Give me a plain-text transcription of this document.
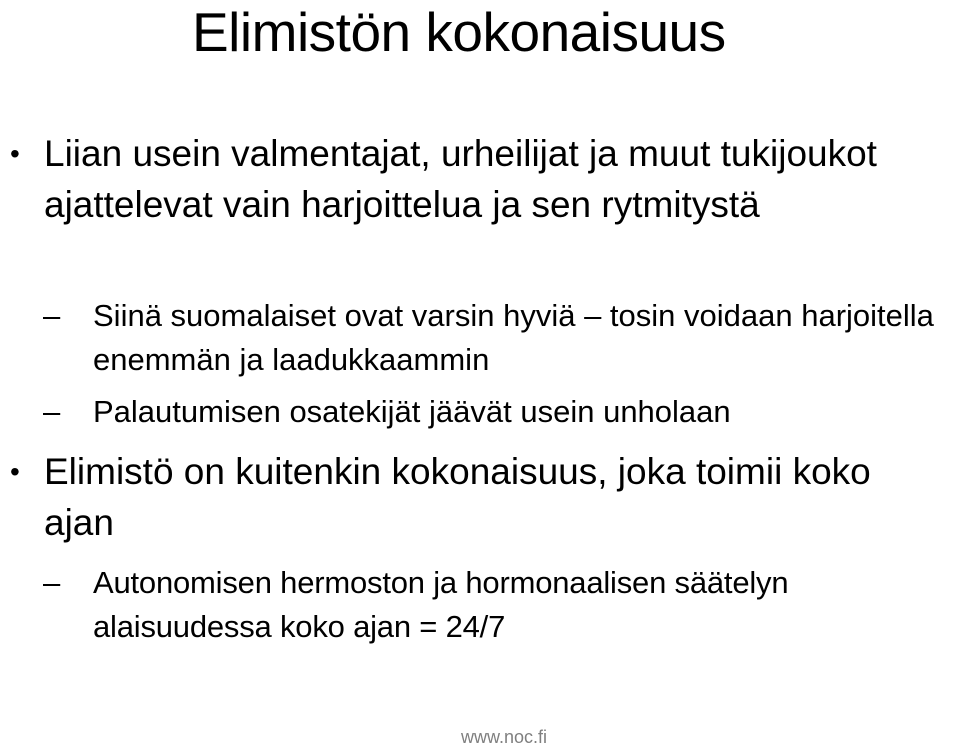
Elimistön kokonaisuus
• Liian usein valmentajat, urheilijat ja muut tukijoukot ajattelevat vain harjoittelua ja sen rytmitystä
– Siinä suomalaiset ovat varsin hyviä – tosin voidaan harjoitella enemmän ja laadukkaammin
– Palautumisen osatekijät jäävät usein unholaan
• Elimistö on kuitenkin kokonaisuus, joka toimii koko ajan
– Autonomisen hermoston ja hormonaalisen säätelyn alaisuudessa koko ajan = 24/7
www.noc.fi
